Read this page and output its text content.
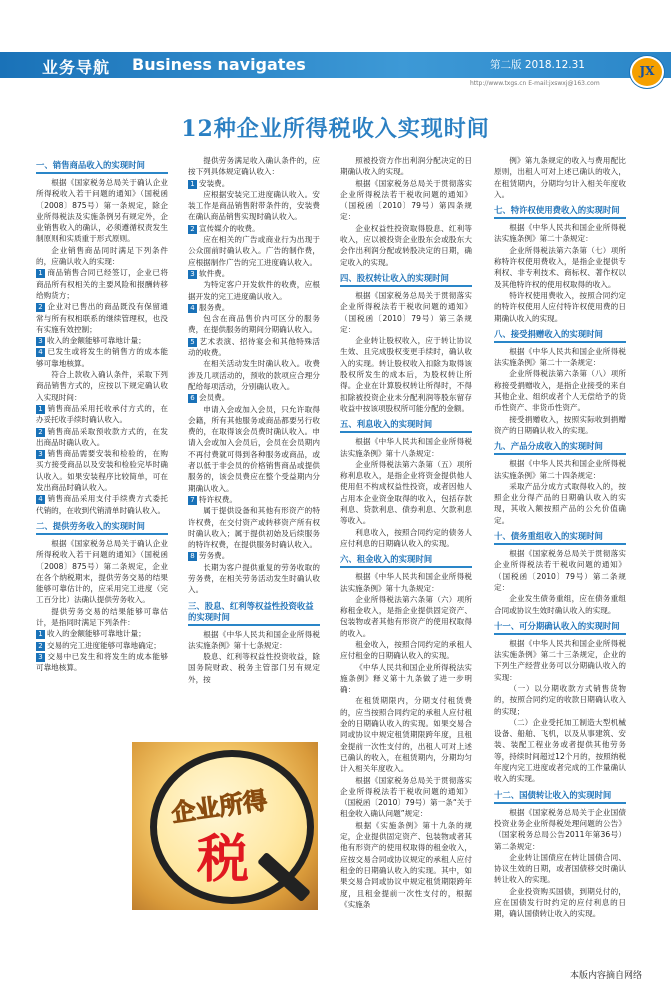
业务导航 Business navigates	第二版 2018.12.31
http://www.txgs.cn E-mail:jxswxj@163.com
JX
12种企业所得税收入实现时间
一、销售商品收入的实现时间

根据《国家税务总局关于确认企业所得税收入若干问题的通知》（国税函〔2008〕875号）第一条规定，除企业所得税法及实施条例另有规定外，企业销售收入的确认，必须遵循权责发生制原则和实质重于形式原则。

企业销售商品同时满足下列条件的，应确认收入的实现：

1 商品销售合同已经签订，企业已将商品所有权相关的主要风险和报酬转移给购货方；

2 企业对已售出的商品既没有保留通常与所有权相联系的继续管理权，也没有实施有效控制；

3 收入的金额能够可靠地计量；

4 已发生或将发生的销售方的成本能够可靠地核算。

符合上款收入确认条件，采取下列商品销售方式的，应按以下规定确认收入实现时间：

1 销售商品采用托收承付方式的，在办妥托收手续时确认收入。

2 销售商品采取预收款方式的，在发出商品时确认收入。

3 销售商品需要安装和检验的，在购买方接受商品以及安装和检验完毕时确认收入。如果安装程序比较简单，可在发出商品时确认收入。

4 销售商品采用支付手续费方式委托代销的，在收到代销清单时确认收入。

二、提供劳务收入的实现时间

根据《国家税务总局关于确认企业所得税收入若干问题的通知》（国税函〔2008〕875号）第二条规定，企业在各个纳税期末，提供劳务交易的结果能够可靠估计的，应采用完工进度（完工百分比）法确认提供劳务收入。

提供劳务交易的结果能够可靠估计，是指同时满足下列条件：

1 收入的金额能够可靠地计量；

2 交易的完工进度能够可靠地确定；

3 交易中已发生和将发生的成本能够可靠地核算。

提供劳务满足收入确认条件的，应按下列具体规定确认收入：

1 安装费。

应根据安装完工进度确认收入。安装工作是商品销售附带条件的，安装费在确认商品销售实现时确认收入。

2 宣传媒介的收费。

应在相关的广告或商业行为出现于公众面前时确认收入。广告的制作费，应根据制作广告的完工进度确认收入。

3 软件费。

为特定客户开发软件的收费，应根据开发的完工进度确认收入。

4 服务费。

包含在商品售价内可区分的服务费，在提供服务的期间分期确认收入。

5 艺术表演、招待宴会和其他特殊活动的收费。

在相关活动发生时确认收入。收费涉及几项活动的，预收的款项应合理分配给每项活动，分别确认收入。

6 会员费。

申请入会或加入会员，只允许取得会籍，所有其他服务或商品都要另行收费的，在取得该会员费时确认收入。申请入会或加入会员后，会员在会员期内不再付费就可得到各种服务或商品，或者以低于非会员的价格销售商品或提供服务的，该会员费应在整个受益期内分期确认收入。

7 特许权费。

属于提供设备和其他有形资产的特许权费，在交付资产或转移资产所有权时确认收入；属于提供初始及后续服务的特许权费，在提供服务时确认收入。

8 劳务费。

长期为客户提供重复的劳务收取的劳务费，在相关劳务活动发生时确认收入。

三、股息、红利等权益性投资收益的实现时间

根据《中华人民共和国企业所得税法实施条例》第十七条规定：

股息、红利等权益性投资收益，除国务院财政、税务主管部门另有规定外，按

照被投资方作出利润分配决定的日期确认收入的实现。

根据《国家税务总局关于贯彻落实企业所得税法若干税收问题的通知》（国税函〔2010〕79号）第四条规定：

企业权益性投资取得股息、红利等收入，应以被投资企业股东会或股东大会作出利润分配或转股决定的日期，确定收入的实现。

四、股权转让收入的实现时间

根据《国家税务总局关于贯彻落实企业所得税法若干税收问题的通知》（国税函〔2010〕79号）第三条规定：

企业转让股权收入，应于转让协议生效、且完成股权变更手续时，确认收入的实现。转让股权收入扣除为取得该股权所发生的成本后，为股权转让所得。企业在计算股权转让所得时，不得扣除被投资企业未分配利润等股东留存收益中按该项股权所可能分配的金额。

五、利息收入的实现时间

根据《中华人民共和国企业所得税法实施条例》第十八条规定：

企业所得税法第六条第（五）项所称利息收入，是指企业将资金提供他人使用但不构成权益性投资，或者因他人占用本企业资金取得的收入，包括存款利息、贷款利息、债券利息、欠款利息等收入。

利息收入，按照合同约定的债务人应付利息的日期确认收入的实现。

六、租金收入的实现时间

根据《中华人民共和国企业所得税法实施条例》第十九条规定：

企业所得税法第六条第（六）项所称租金收入，是指企业提供固定资产、包装物或者其他有形资产的使用权取得的收入。

租金收入，按照合同约定的承租人应付租金的日期确认收入的实现。

《中华人民共和国企业所得税法实施条例》释义第十九条做了进一步明确：

在租赁期限内，分期支付租赁费的，应当按照合同约定的承租人应付租金的日期确认收入的实现。如果交易合同或协议中规定租赁期限跨年度，且租金提前一次性支付的，出租人可对上述已确认的收入，在租赁期内，分期均匀计入相关年度收入。

根据《国家税务总局关于贯彻落实企业所得税法若干税收问题的通知》（国税函〔2010〕79号）第一条“关于租金收入确认问题”规定：

根据《实施条例》第十九条的规定，企业提供固定资产、包装物或者其他有形资产的使用权取得的租金收入，应按交易合同或协议规定的承租人应付租金的日期确认收入的实现。其中，如果交易合同或协议中规定租赁期限跨年度，且租金提前一次性支付的，根据《实施条

例》第九条规定的收入与费用配比原则，出租人可对上述已确认的收入，在租赁期内，分期均匀计入相关年度收入。

七、特许权使用费收入的实现时间

根据《中华人民共和国企业所得税法实施条例》第二十条规定：

企业所得税法第六条第（七）项所称特许权使用费收入，是指企业提供专利权、非专利技术、商标权、著作权以及其他特许权的使用权取得的收入。

特许权使用费收入，按照合同约定的特许权使用人应付特许权使用费的日期确认收入的实现。

八、接受捐赠收入的实现时间

根据《中华人民共和国企业所得税法实施条例》第二十一条规定：

企业所得税法第六条第（八）项所称接受捐赠收入，是指企业接受的来自其他企业、组织或者个人无偿给予的货币性资产、非货币性资产。

接受捐赠收入，按照实际收到捐赠资产的日期确认收入的实现。

九、产品分成收入的实现时间

根据《中华人民共和国企业所得税法实施条例》第二十四条规定：

采取产品分成方式取得收入的，按照企业分得产品的日期确认收入的实现，其收入额按照产品的公允价值确定。

十、债务重组收入的实现时间

根据《国家税务总局关于贯彻落实企业所得税法若干税收问题的通知》（国税函〔2010〕79号）第二条规定：

企业发生债务重组，应在债务重组合同或协议生效时确认收入的实现。

十一、可分期确认收入的实现时间

根据《中华人民共和国企业所得税法实施条例》第二十三条规定，企业的下列生产经营业务可以分期确认收入的实现：

（一）以分期收款方式销售货物的，按照合同约定的收款日期确认收入的实现；

（二）企业受托加工制造大型机械设备、船舶、飞机，以及从事建筑、安装、装配工程业务或者提供其他劳务等，持续时间超过12个月的，按照纳税年度内完工进度或者完成的工作量确认收入的实现。

十二、国债转让收入的实现时间

根据《国家税务总局关于企业国债投资业务企业所得税处理问题的公告》（国家税务总局公告2011年第36号）第二条规定：

企业转让国债应在转让国债合同、协议生效的日期，或者国债移交时确认转让收入的实现。

企业投资购买国债，到期兑付的，应在国债发行时约定的应付利息的日期，确认国债转让收入的实现。

企业所得
税
本版内容摘自网络
